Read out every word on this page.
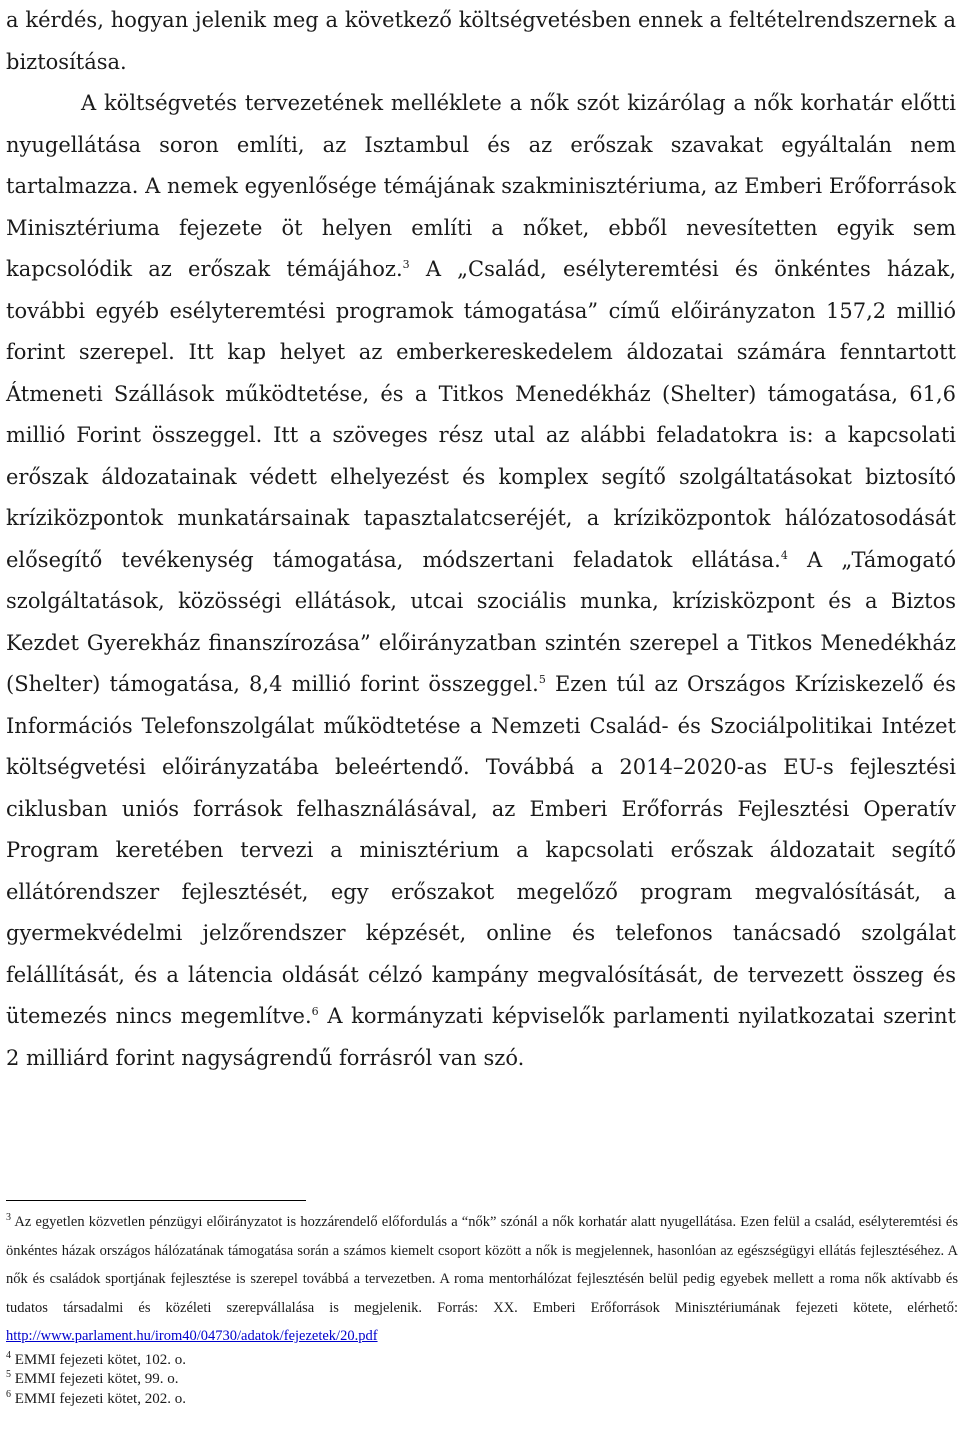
a kérdés, hogyan jelenik meg a következő költségvetésben ennek a feltételrendszernek a biztosítása.

A költségvetés tervezetének melléklete a nők szót kizárólag a nők korhatár előtti nyugellátása soron említi, az Isztambul és az erőszak szavakat egyáltalán nem tartalmazza. A nemek egyenlősége témájának szakminisztériuma, az Emberi Erőforrások Minisztériuma fejezete öt helyen említi a nőket, ebből nevesítetten egyik sem kapcsolódik az erőszak témájához.$^3$ A „Család, esélyteremtési és önkéntes házak, további egyéb esélyteremtési programok támogatása” című előirányzaton 157,2 millió forint szerepel. Itt kap helyet az emberkereskedelem áldozatai számára fenntartott Átmeneti Szállások működtetése, és a Titkos Menedékház (Shelter) támogatása, 61,6 millió Forint összeggel. Itt a szöveges rész utal az alábbi feladatokra is: a kapcsolati erőszak áldozatainak védett elhelyezést és komplex segítő szolgáltatásokat biztosító kríziközpontok munkatársainak tapasztalatcseréjét, a kríziközpontok hálózatosodását elősegítő tevékenység támogatása, módszertani feladatok ellátása.$^4$ A „Támogató szolgáltatások, közösségi ellátások, utcai szociális munka, krízisközpont és a Biztos Kezdet Gyerekház finanszírozása” előirányzatban szintén szerepel a Titkos Menedékház (Shelter) támogatása, 8,4 millió forint összeggel.$^5$ Ezen túl az Országos Kríziskezelő és Információs Telefonszolgálat működtetése a Nemzeti Család- és Szociálpolitikai Intézet költségvetési előirányzatába beleértendő. Továbbá a 2014–2020-as EU-s fejlesztési ciklusban uniós források felhasználásával, az Emberi Erőforrás Fejlesztési Operatív Program keretében tervezi a minisztérium a kapcsolati erőszak áldozatait segítő ellátórendszer fejlesztését, egy erőszakot megelőző program megvalósítását, a gyermekvédelmi jelzőrendszer képzését, online és telefonos tanácsadó szolgálat felállítását, és a látencia oldását célzó kampány megvalósítását, de tervezett összeg és ütemezés nincs megemlítve.$^6$ A kormányzati képviselők parlamenti nyilatkozatai szerint 2 milliárd forint nagyságrendű forrásról van szó.

$^3$ Az egyetlen közvetlen pénzügyi előirányzatot is hozzárendelő előfordulás a “nők” szónál a nők korhatár alatt nyugellátása. Ezen felül a család, esélyteremtési és önkéntes házak országos hálózatának támogatása során a számos kiemelt csoport között a nők is megjelennek, hasonlóan az egészségügyi ellátás fejlesztéséhez. A nők és családok sportjának fejlesztése is szerepel továbbá a tervezetben. A roma mentorhálózat fejlesztésén belül pedig egyebek mellett a roma nők aktívabb és tudatos társadalmi és közéleti szerepvállalása is megjelenik. Forrás: XX. Emberi Erőforrások Minisztériumának fejezeti kötete, elérhető: http://www.parlament.hu/irom40/04730/adatok/fejezetek/20.pdf

$^4$ EMMI fejezeti kötet, 102. o.

$^5$ EMMI fejezeti kötet, 99. o.

$^6$ EMMI fejezeti kötet, 202. o.
